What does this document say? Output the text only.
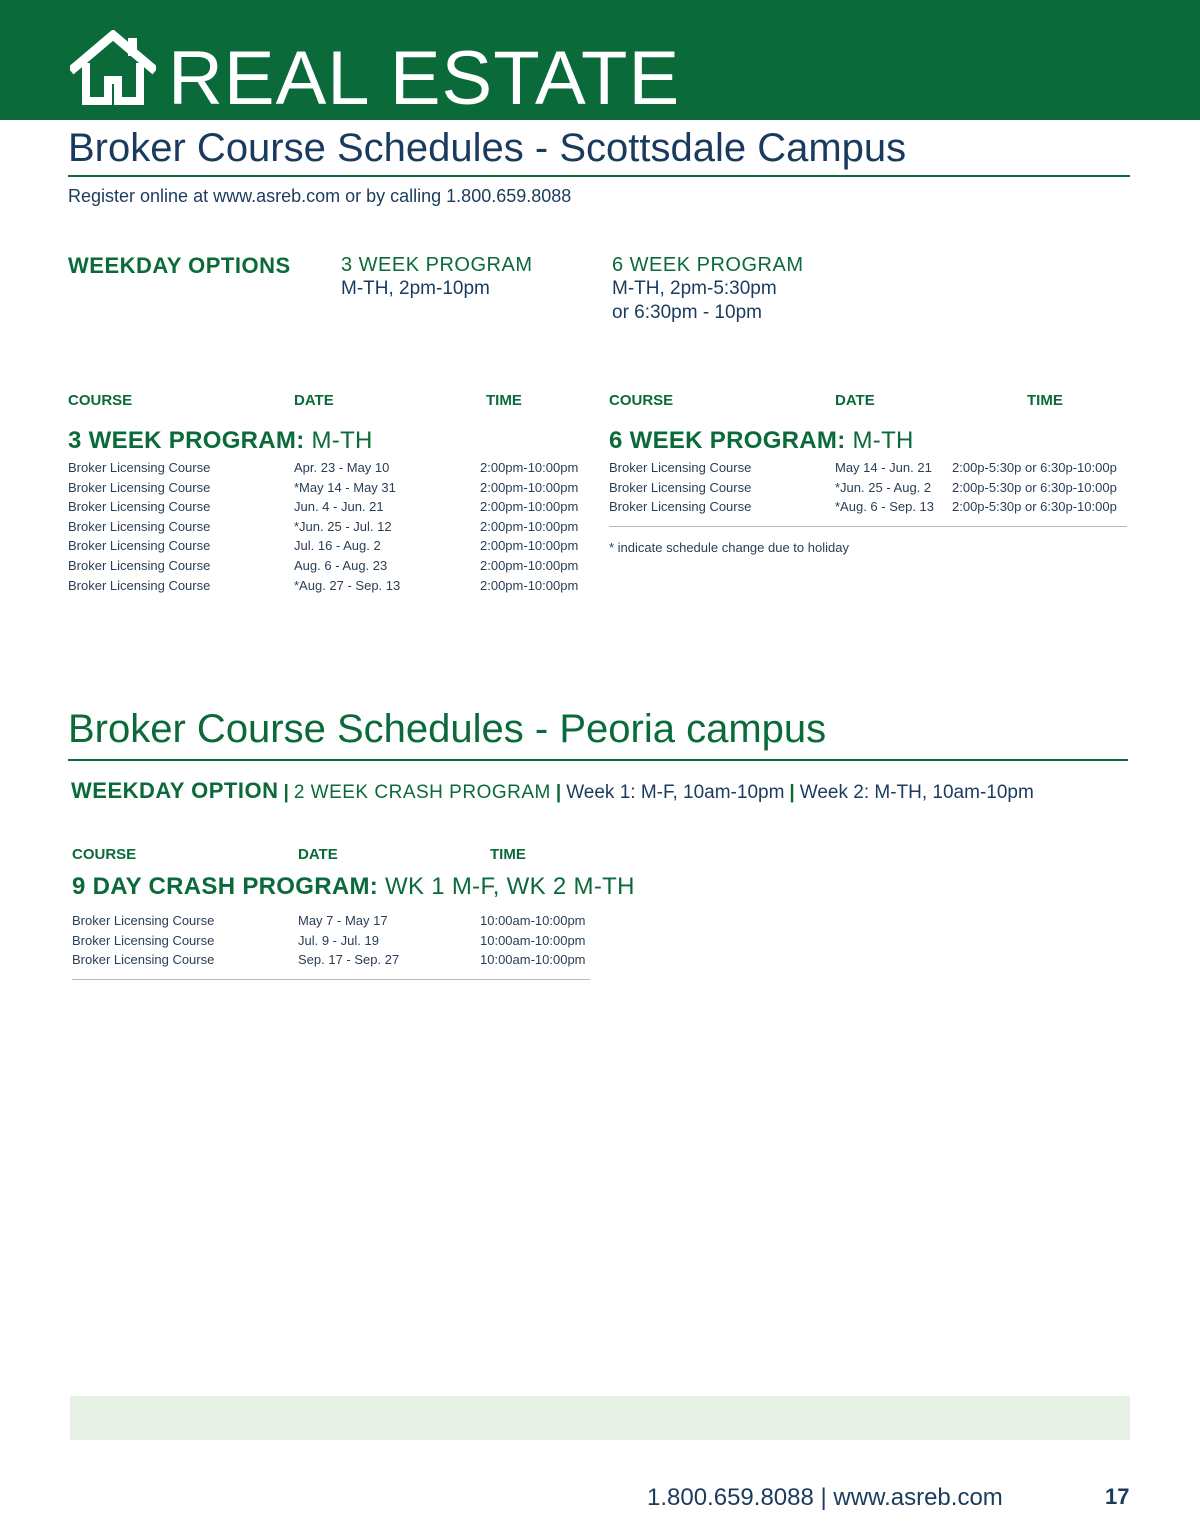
REAL ESTATE
Broker Course Schedules - Scottsdale Campus
Register online at www.asreb.com or by calling 1.800.659.8088
WEEKDAY OPTIONS	3 WEEK PROGRAM
M-TH, 2pm-10pm
6 WEEK PROGRAM
M-TH, 2pm-5:30pm
or 6:30pm - 10pm
COURSE	DATE	TIME	COURSE	DATE	TIME
3 WEEK PROGRAM: M-TH
Broker Licensing Course	Apr. 23 - May 10	2:00pm-10:00pm
Broker Licensing Course	*May 14 - May 31	2:00pm-10:00pm
Broker Licensing Course	Jun. 4 - Jun. 21	2:00pm-10:00pm
Broker Licensing Course	*Jun. 25 - Jul. 12	2:00pm-10:00pm
Broker Licensing Course	Jul. 16 - Aug. 2	2:00pm-10:00pm
Broker Licensing Course	Aug. 6 - Aug. 23	2:00pm-10:00pm
Broker Licensing Course	*Aug. 27 - Sep. 13	2:00pm-10:00pm
6 WEEK PROGRAM: M-TH
Broker Licensing Course	May 14 - Jun. 21 2:00p-5:30p or 6:30p-10:00p
Broker Licensing Course	*Jun. 25 - Aug. 2 2:00p-5:30p or 6:30p-10:00p
Broker Licensing Course	*Aug. 6 - Sep. 13 2:00p-5:30p or 6:30p-10:00p
* indicate schedule change due to holiday
Broker Course Schedules - Peoria campus
WEEKDAY OPTION | 2 WEEK CRASH PROGRAM | Week 1: M-F, 10am-10pm | Week 2: M-TH, 10am-10pm
COURSE	DATE	TIME
9 DAY CRASH PROGRAM: WK 1 M-F, WK 2 M-TH
Broker Licensing Course	May 7 - May 17	10:00am-10:00pm
Broker Licensing Course	Jul. 9 - Jul. 19	10:00am-10:00pm
Broker Licensing Course	Sep. 17 - Sep. 27	10:00am-10:00pm
1.800.659.8088 | www.asreb.com	17
